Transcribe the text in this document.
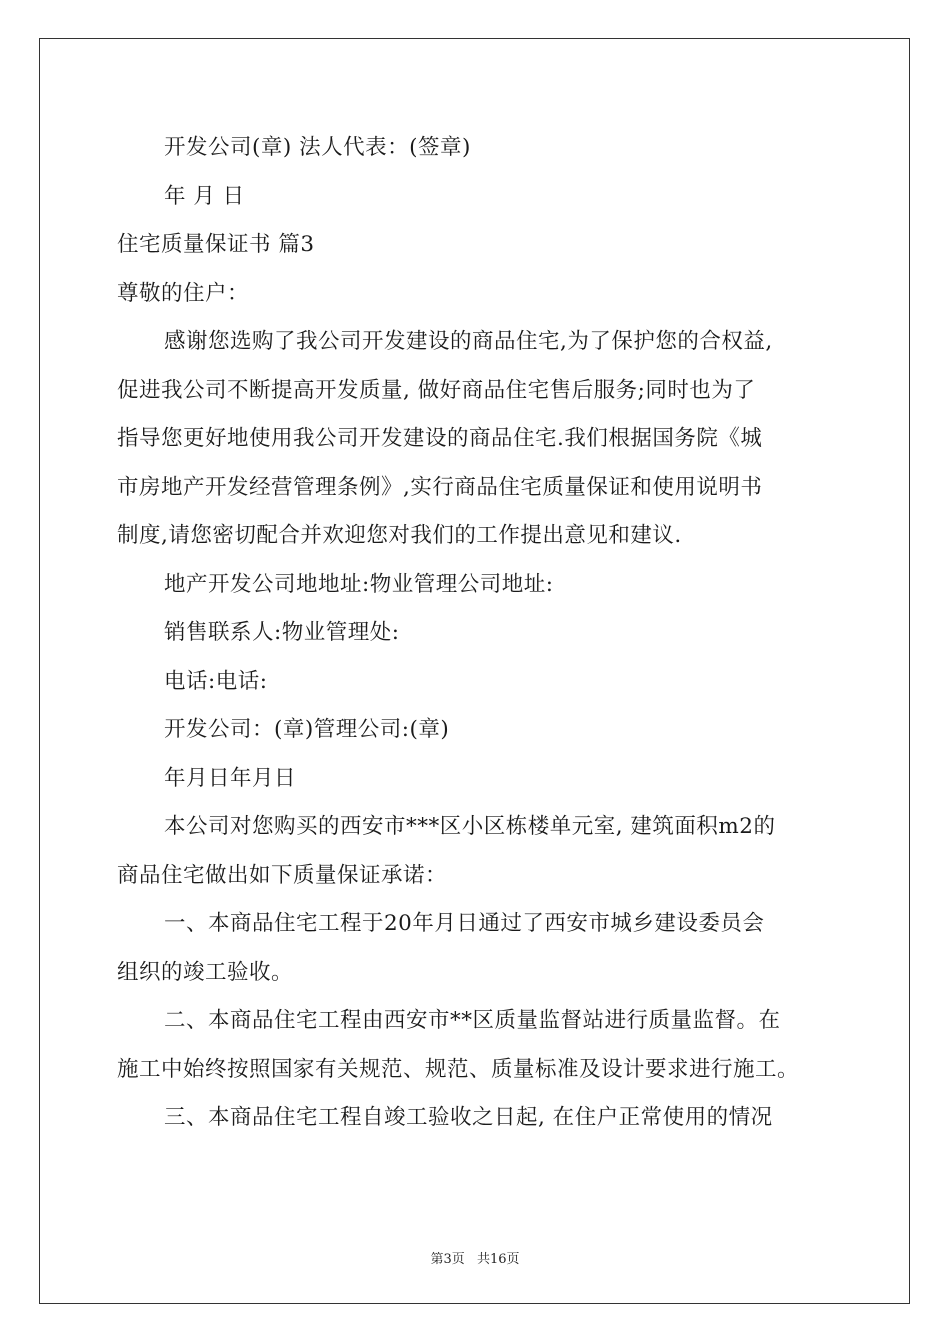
开发公司(章) 法人代表：(签章)

年 月 日

住宅质量保证书 篇3

尊敬的住户：

感谢您选购了我公司开发建设的商品住宅,为了保护您的合权益,

促进我公司不断提高开发质量, 做好商品住宅售后服务;同时也为了

指导您更好地使用我公司开发建设的商品住宅.我们根据国务院《城

市房地产开发经营管理条例》,实行商品住宅质量保证和使用说明书

制度,请您密切配合并欢迎您对我们的工作提出意见和建议.

地产开发公司地地址:物业管理公司地址:

销售联系人:物业管理处:

电话:电话:

开发公司：(章)管理公司:(章)

年月日年月日

本公司对您购买的西安市***区小区栋楼单元室, 建筑面积m2的

商品住宅做出如下质量保证承诺：

一、本商品住宅工程于20年月日通过了西安市城乡建设委员会

组织的竣工验收。

二、本商品住宅工程由西安市**区质量监督站进行质量监督。在

施工中始终按照国家有关规范、规范、质量标准及设计要求进行施工。

三、本商品住宅工程自竣工验收之日起, 在住户正常使用的情况

第3页 共16页
